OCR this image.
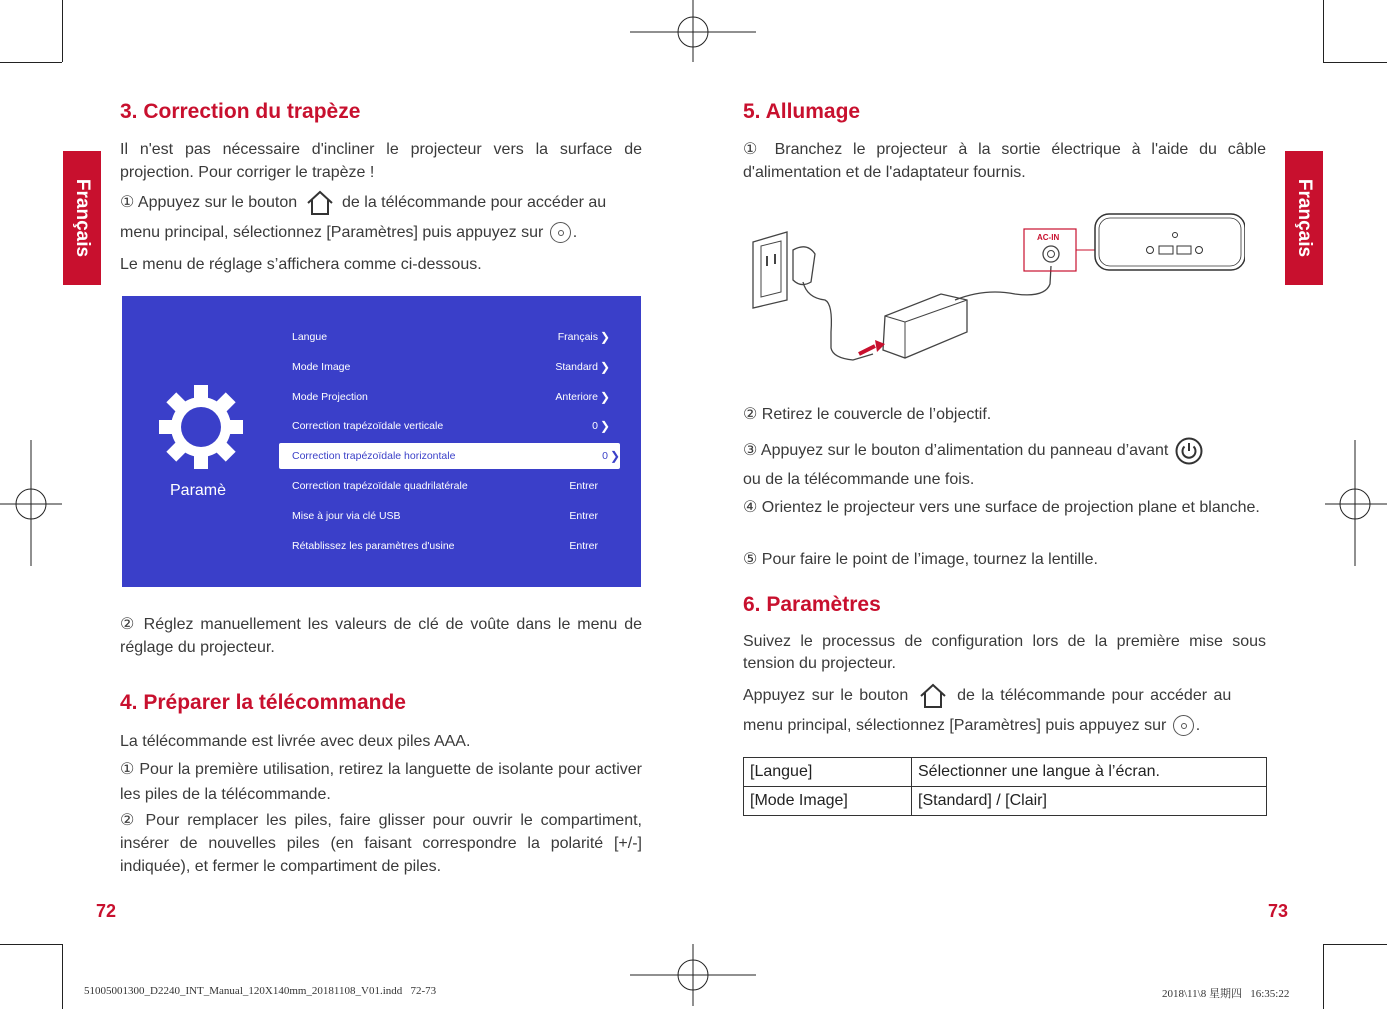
Français	Français
3. Correction du trapèze
Il n'est pas nécessaire d'incliner le projecteur vers la surface de projection. Pour corriger le trapèze !
① Appuyez sur le bouton	de la télécommande pour accéder au
menu principal, sélectionnez [Paramètres] puis appuyez sur .
Le menu de réglage s’affichera comme ci-dessous.
Paramè
Langue	Français ❯
Mode Image	Standard ❯
Mode Projection	Anteriore ❯
Correction trapézoïdale verticale	0 ❯
Correction trapézoïdale horizontale	0 ❯
Correction trapézoïdale quadrilatérale	Entrer
Mise à jour via clé USB	Entrer
Rétablissez les paramètres d'usine	Entrer
② Réglez manuellement les valeurs de clé de voûte dans le menu de réglage du projecteur.
4. Préparer la télécommande
La télécommande est livrée avec deux piles AAA.
① Pour la première utilisation, retirez la languette de isolante pour activer les piles de la télécommande.
② Pour remplacer les piles, faire glisser pour ouvrir le compartiment, insérer de nouvelles piles (en faisant correspondre la polarité [+/-] indiquée), et fermer le compartiment de piles.
72
5. Allumage
① Branchez le projecteur à la sortie électrique à l'aide du câble d'alimentation et de l'adaptateur fournis.
AC-IN
② Retirez le couvercle de l’objectif.
③ Appuyez sur le bouton d’alimentation du panneau d’avant
ou de la télécommande une fois.
④ Orientez le projecteur vers une surface de projection plane et blanche.
⑤ Pour faire le point de l’image, tournez la lentille.
6. Paramètres
Suivez le processus de configuration lors de la première mise sous tension du projecteur.
Appuyez sur le bouton	de la télécommande pour accéder au
menu principal, sélectionnez [Paramètres] puis appuyez sur .
[Langue]	Sélectionner une langue à l’écran.
[Mode Image]	[Standard] / [Clair]
73
51005001300_D2240_INT_Manual_120X140mm_20181108_V01.indd   72-73	2018\11\8 星期四   16:35:22
